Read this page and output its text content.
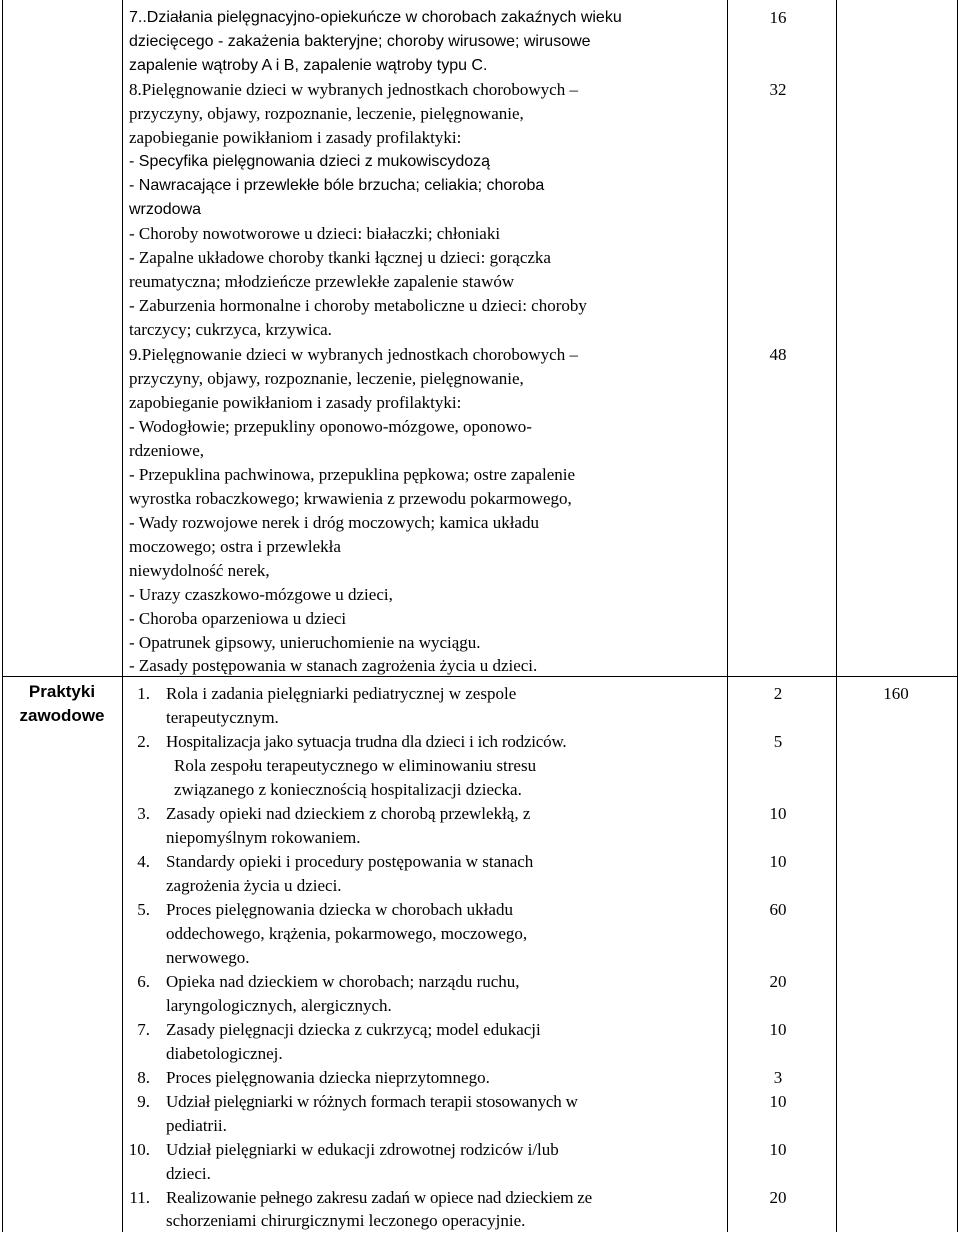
Praktyki
zawodowe
160
7..Działania pielęgnacyjno-opiekuńcze w chorobach zakaźnych wieku
dziecięcego - zakażenia bakteryjne; choroby wirusowe; wirusowe
zapalenie wątroby A i B, zapalenie wątroby typu C.
16
8.Pielęgnowanie dzieci w wybranych jednostkach chorobowych –
przyczyny, objawy, rozpoznanie, leczenie, pielęgnowanie,
zapobieganie powikłaniom i zasady profilaktyki:
- Specyfika pielęgnowania dzieci z mukowiscydozą
- Nawracające i przewlekłe bóle brzucha; celiakia; choroba
wrzodowa
- Choroby nowotworowe u dzieci: białaczki; chłoniaki
- Zapalne układowe choroby tkanki łącznej u dzieci: gorączka
reumatyczna; młodzieńcze przewlekłe zapalenie stawów
- Zaburzenia hormonalne i choroby metaboliczne u dzieci: choroby
tarczycy; cukrzyca, krzywica.
32
9.Pielęgnowanie dzieci w wybranych jednostkach chorobowych –
przyczyny, objawy, rozpoznanie, leczenie, pielęgnowanie,
zapobieganie powikłaniom i zasady profilaktyki:
- Wodogłowie; przepukliny oponowo-mózgowe, oponowo-
rdzeniowe,
- Przepuklina pachwinowa, przepuklina pępkowa; ostre zapalenie
wyrostka robaczkowego; krwawienia z przewodu pokarmowego,
- Wady rozwojowe nerek i dróg moczowych; kamica układu
moczowego; ostra i przewlekła
niewydolność nerek,
- Urazy czaszkowo-mózgowe u dzieci,
- Choroba oparzeniowa u dzieci
- Opatrunek gipsowy, unieruchomienie na wyciągu.
- Zasady postępowania w stanach zagrożenia życia u dzieci.
48
1. Rola i zadania pielęgniarki pediatrycznej w zespole
terapeutycznym.
2
2. Hospitalizacja jako sytuacja trudna dla dzieci i ich rodziców.
Rola zespołu terapeutycznego w eliminowaniu stresu
związanego z koniecznością hospitalizacji dziecka.
5
3. Zasady opieki nad dzieckiem z chorobą przewlekłą, z
niepomyślnym rokowaniem.
10
4. Standardy opieki i procedury postępowania w stanach
zagrożenia życia u dzieci.
10
5. Proces pielęgnowania dziecka w chorobach układu
oddechowego, krążenia, pokarmowego, moczowego,
nerwowego.
60
6. Opieka nad dzieckiem w chorobach; narządu ruchu,
laryngologicznych, alergicznych.
20
7. Zasady pielęgnacji dziecka z cukrzycą; model edukacji
diabetologicznej.
10
8. Proces pielęgnowania dziecka nieprzytomnego.	3
9. Udział pielęgniarki w różnych formach terapii stosowanych w
pediatrii.
10
10. Udział pielęgniarki w edukacji zdrowotnej rodziców i/lub
dzieci.
10
11. Realizowanie pełnego zakresu zadań w opiece nad dzieckiem ze
schorzeniami chirurgicznymi leczonego operacyjnie.
20
